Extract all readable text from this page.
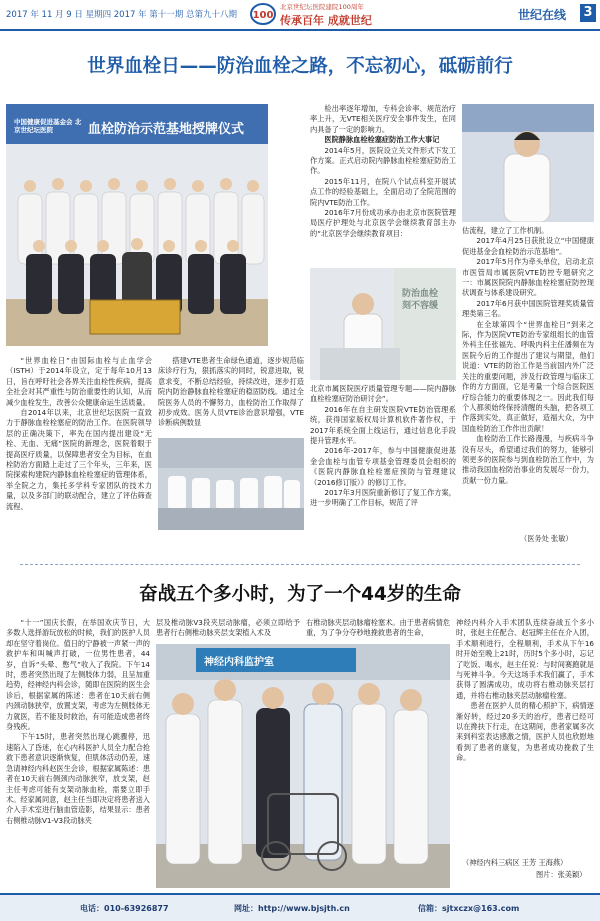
2017 年 11 月 9 日 星期四 2017 年 第十一期 总第九十八期 100
北京世纪坛医院建院100周年
传承百年 成就世纪	世纪在线 3
世界血栓日——防治血栓之路，不忘初心，砥砺前行
中国健康促进基金会 北京世纪坛医院	血栓防治示范基地授牌仪式

“世界血栓日”由国际血栓与止血学会（ISTH）于2014年设立，定于每年10月13日，旨在呼吁社会各界关注血栓性疾病，提高全社会对其严重性与防治重要性的认知，从而减少血栓发生，改善公众健康命运生活质量。

自2014年以来，北京世纪坛医院一直致力于静脉血栓栓塞症的防治工作。在医院领导层的正确决策下，率先在国内提出建设“无栓、无血、无痛”医院的新理念，医院着眼于提高医疗质量，以保障患者安全为目标，在血栓防治方面踏上走过了三个年头，三年来，医院探索构建院内静脉血栓栓塞症的管理体系，举全院之力，集托多学科专家团队的技术力量，以及多部门的联动配合，建立了评估筛查流程、

搭建VTE患者生命绿色通道，逐步规范临床诊疗行为，狠抓落实的同时，锐意进取，锐意求变，不断总结经验，持续改进，逐步打造院内防治静脉血栓栓塞症的稳固防线。通过全院医务人员的不懈努力，血栓防治工作取得了初步成效。医务人员VTE诊治意识增强，VTE诊断病例数显

检出率逐年增加，专科会诊率、规范治疗率上升，无VTE相关医疗安全事件发生，在同内具备了一定的影响力。

医院静脉血栓栓塞症防治工作大事记

2014年5月，医院设立关文件形式下发工作方案。正式启动院内静脉血栓栓塞症防治工作。

2015年11月，在院八个试点科室开展试点工作的经验基础上，全面启动了全院范围的院内VTE防治工作。

2016年7月份成功承办由北京市医院管理局医疗护理处与北京医学会继续教育部主办的“北京医学会继续教育项目：

防治血栓 刻不容缓

北京市属医院医疗质量管理专题——院内静脉血栓栓塞症防治研讨会”。

2016年在自主研发医院VTE防治管理系统，获得国家版权局计算机软件著作权，于2017年系统全面上线运行，通过信息化手段提升管理水平。

2016年-2017年，参与中国健康促进基金会血栓与血管专项基金管理委员会组织的《医院内静脉血栓栓塞症预防与管理建议（2016修订版）》的修订工作。

2017年3月医院重新修订了复工作方案，进一步明确了工作目标，规范了评

估流程，建立了工作机制。

2017年4月25日获批设立“中国健康促进基金会血栓防治示范基地”。

2017年5月作为牵头单位，启动北京市医管局市属医院VTE防控专题研究之一：市属医院院内静脉血栓栓塞症防控现状调查与体系建设研究。

2017年6月获中国医院管理奖质量管理类第三名。

在全球第四个“世界血栓日”到来之际，作为医院VTE防治专家组组长的血管外科主任张福先、呼吸内科主任潘频在为医院今后的工作提出了建议与期望，他们说道：VTE的防治工作是当前国内外广泛关注的重要问题，涉及行政管理与临床工作的方方面面，它是考量一个综合医院医疗综合能力的重要体现之一。因此我们每个人都须始终保持清醒的头脑，把各项工作落到实处，真正做好，造福大众，为中国血栓防治工作作出贡献！

血栓防治工作长路漫漫，与疾病斗争没有尽头，希望通过我们的努力，能够引领更多的医院参与到血栓防治工作中，为推动我国血栓防治事业的发展尽一份力，贡献一份力量。

（医务处 张敏）
奋战五个多小时，为了一个44岁的生命

“十一”国庆长假，在举国欢庆节日，大多数人选择游玩放松的时候，我们的医护人员却在坚守着岗位。值日的宁静被一声紧一声的救护车和叫喊声打破，一位男性患者，44岁，自诉“头晕、憋气”收入了我院。下午14时，患者突然出现了左侧肢体力弱，且呈加重趋势，经神经内科会诊，随即在医院的医生会诊后，根据家属的陈述：患者在10天前右侧内颈动脉狭窄，放置支架，考虑为左侧肢体无力就医，若不能及时救治，有可能造成患者终身残疾。

下午15时，患者突然出现心跳骤停，迅速陷入了昏迷，在心内科医护人员全力配合抢救下患者意识逐渐恢复，但肌体活动仍差，速急请神经内科赵医生会诊，根据家属陈述：患者在10天前右侧颈内动脉狭窄，放支架，赵主任考虑可能有支架动脉血栓，需要立即手术。经家属同意，赵主任当即决定将患者送入介入手术室进行脑血管造影，结果显示：患者右侧椎动脉V1-V3段动脉夹

层及椎动脉V3段夹层动脉瘤，必须立即给予患者行右侧椎动脉夹层支架植入术及

右椎动脉夹层动脉瘤栓塞术。由于患者病情危重，为了争分夺秒地挽救患者的生命，

神经内科监护室

神经内科介入手术团队连续奋战五个多小时，张赵主任配合、赵冠辉主任在介入团，手术顺利进行，全程顺利，手术从下午16时开始至晚上21时，历时5个多小时，忘记了吃饭、喝水，赵主任说：与时间赛跑就是与死神斗争。今天这场手术我们赢了，手术获得了圆满成功，成功将右椎动脉夹层打通，并将右椎动脉夹层动脉瘤栓塞。

患者在医护人员的精心照护下，病情逐渐好转，经过20多天的治疗，患者已经可以在搀扶下行走，在这期间，患者家属多次来到科室表达感激之情，医护人员也欣慰地看到了患者的康复，为患者成功挽救了生命。

（神经内科三病区 王芳 王海燕）
图片：张美颖）
电话：010-63926877	网址：http://www.bjsjth.cn	信箱：sjtxczx@163.com
